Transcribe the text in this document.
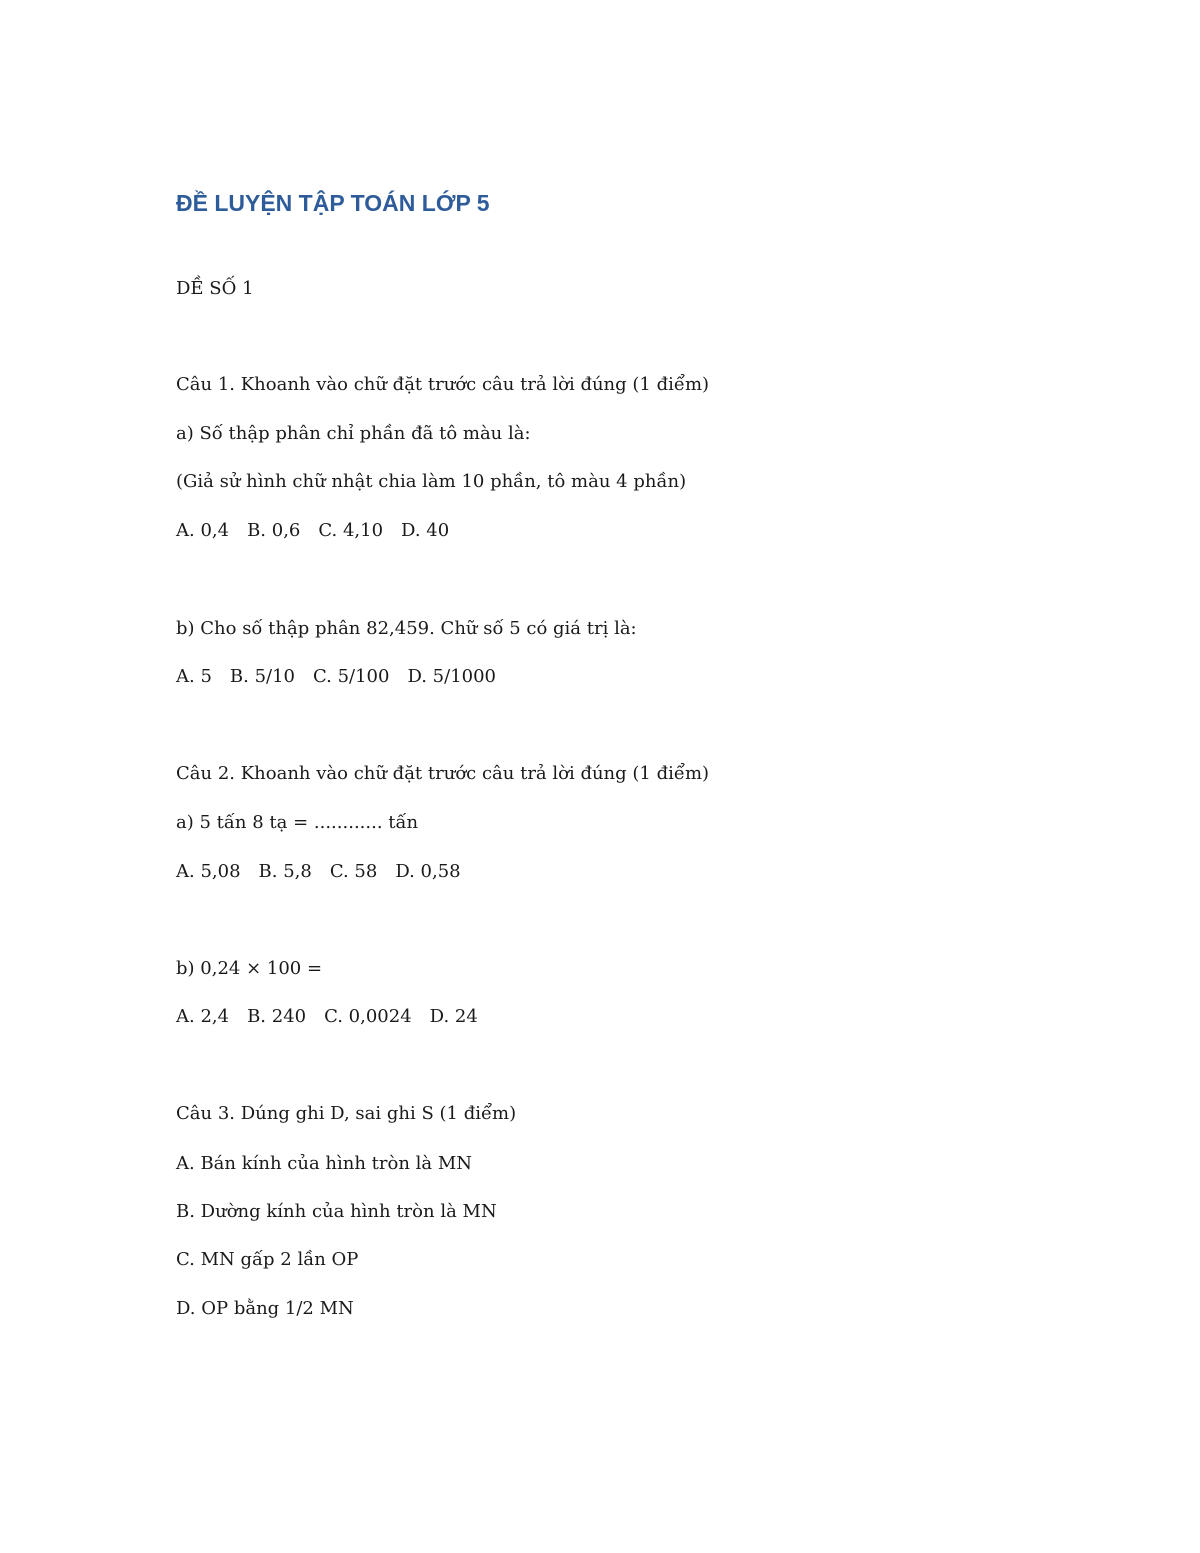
ĐỀ LUYỆN TẬP TOÁN LỚP 5
DỀ SỐ 1
Câu 1. Khoanh vào chữ đặt trước câu trả lời đúng (1 điểm)
a) Số thập phân chỉ phần đã tô màu là:
(Giả sử hình chữ nhật chia làm 10 phần, tô màu 4 phần)
A. 0,4 B. 0,6 C. 4,10 D. 40
b) Cho số thập phân 82,459. Chữ số 5 có giá trị là:
A. 5 B. 5/10 C. 5/100 D. 5/1000
Câu 2. Khoanh vào chữ đặt trước câu trả lời đúng (1 điểm)
a) 5 tấn 8 tạ = ............ tấn
A. 5,08 B. 5,8 C. 58 D. 0,58
b) 0,24 × 100 =
A. 2,4 B. 240 C. 0,0024 D. 24
Câu 3. Dúng ghi D, sai ghi S (1 điểm)
A. Bán kính của hình tròn là MN
B. Dường kính của hình tròn là MN
C. MN gấp 2 lần OP
D. OP bằng 1/2 MN
